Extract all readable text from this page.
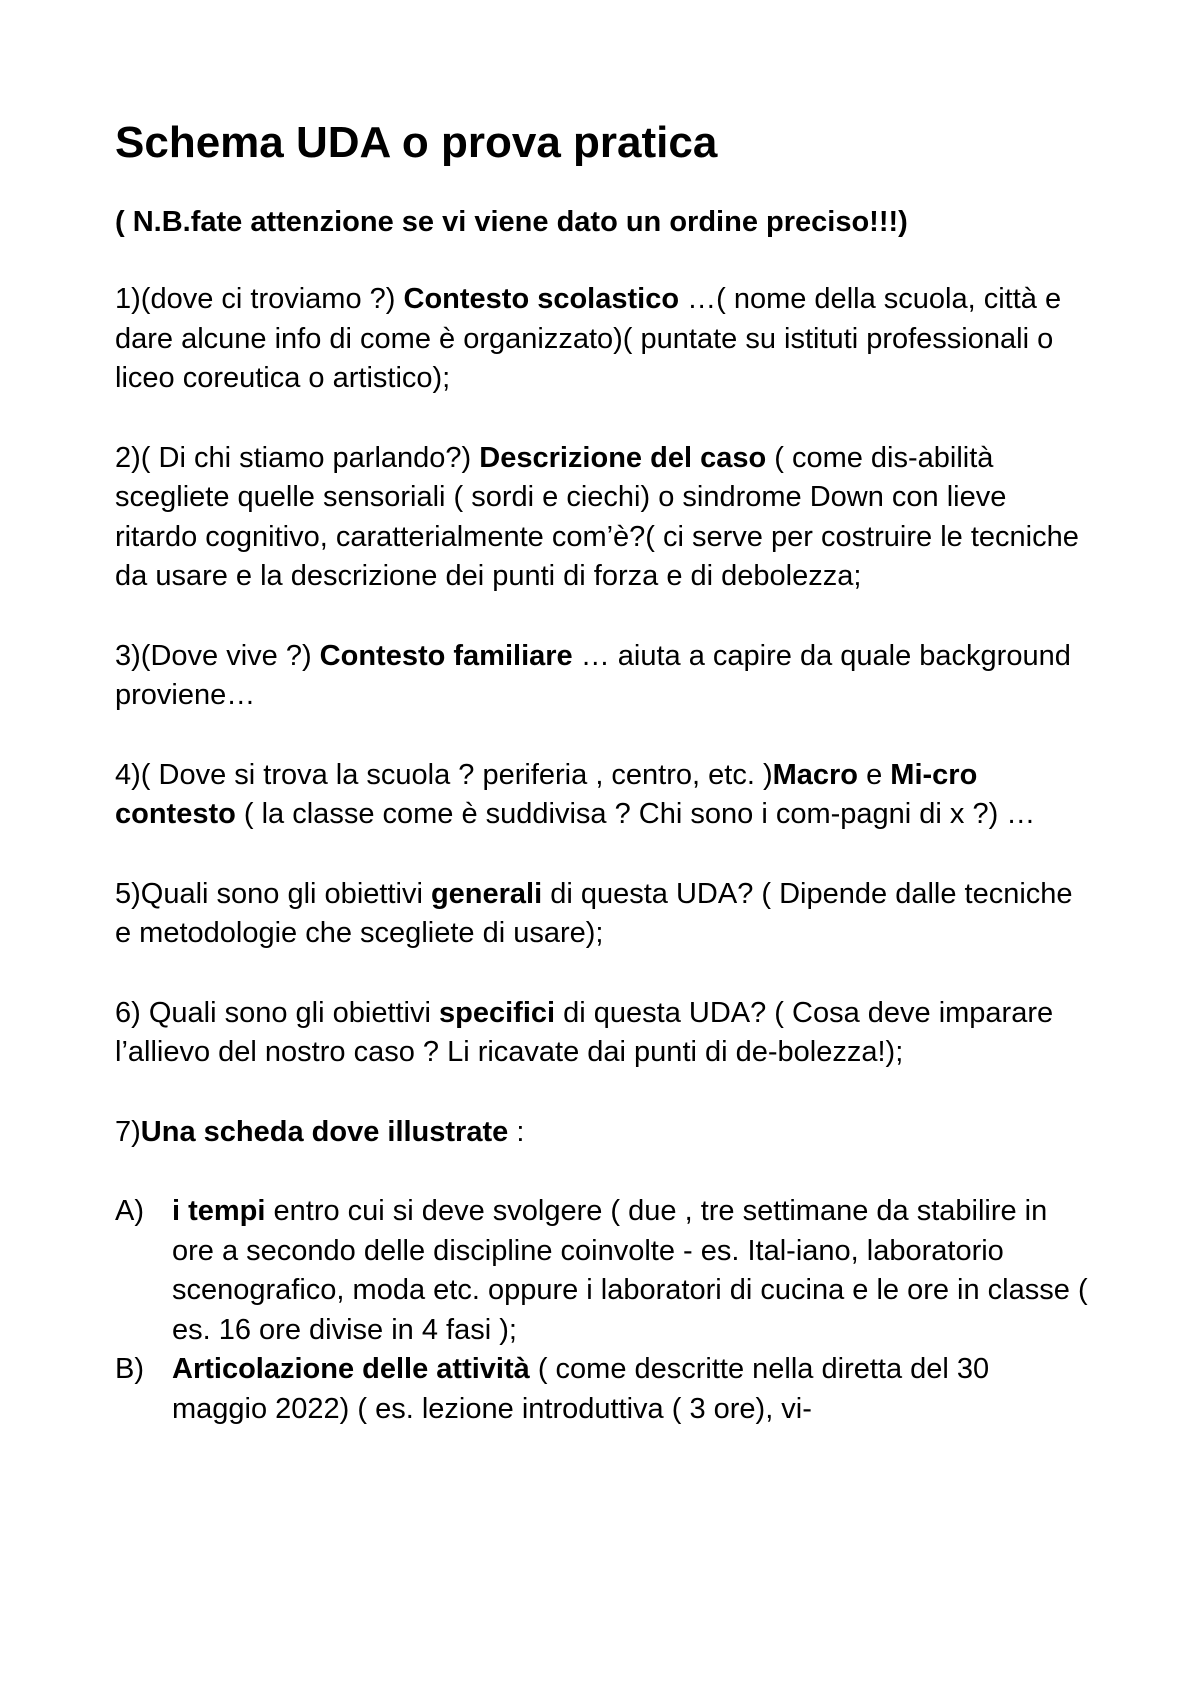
Schema UDA o prova pratica

( N.B.fate attenzione se vi viene dato un ordine preciso!!!)

1)(dove ci troviamo ?) Contesto scolastico …( nome della scuola, città e dare alcune info di come è organizzato)( puntate su istituti professionali o liceo coreutica o artistico);

2)( Di chi stiamo parlando?) Descrizione del caso ( come dis-abilità scegliete quelle sensoriali ( sordi e ciechi) o sindrome Down con lieve ritardo cognitivo, caratterialmente com’è?( ci serve per costruire le tecniche da usare e la descrizione dei punti di forza e di debolezza;

3)(Dove vive ?) Contesto familiare … aiuta a capire da quale background proviene…

4)( Dove si trova la scuola ? periferia , centro, etc. )Macro e Mi-cro contesto ( la classe come è suddivisa ? Chi sono i com-pagni di x ?) …

5)Quali sono gli obiettivi generali di questa UDA? ( Dipende dalle tecniche e metodologie che scegliete di usare);

6) Quali sono gli obiettivi specifici di questa UDA? ( Cosa deve imparare l’allievo del nostro caso ? Li ricavate dai punti di de-bolezza!);

7)Una scheda dove illustrate :

A) i tempi entro cui si deve svolgere ( due , tre settimane da stabilire in ore a secondo delle discipline coinvolte - es. Ital-iano, laboratorio scenografico, moda etc. oppure i laboratori di cucina e le ore in classe ( es. 16 ore divise in 4 fasi );
B) Articolazione delle attività ( come descritte nella diretta del 30 maggio 2022) ( es. lezione introduttiva ( 3 ore), vi-
